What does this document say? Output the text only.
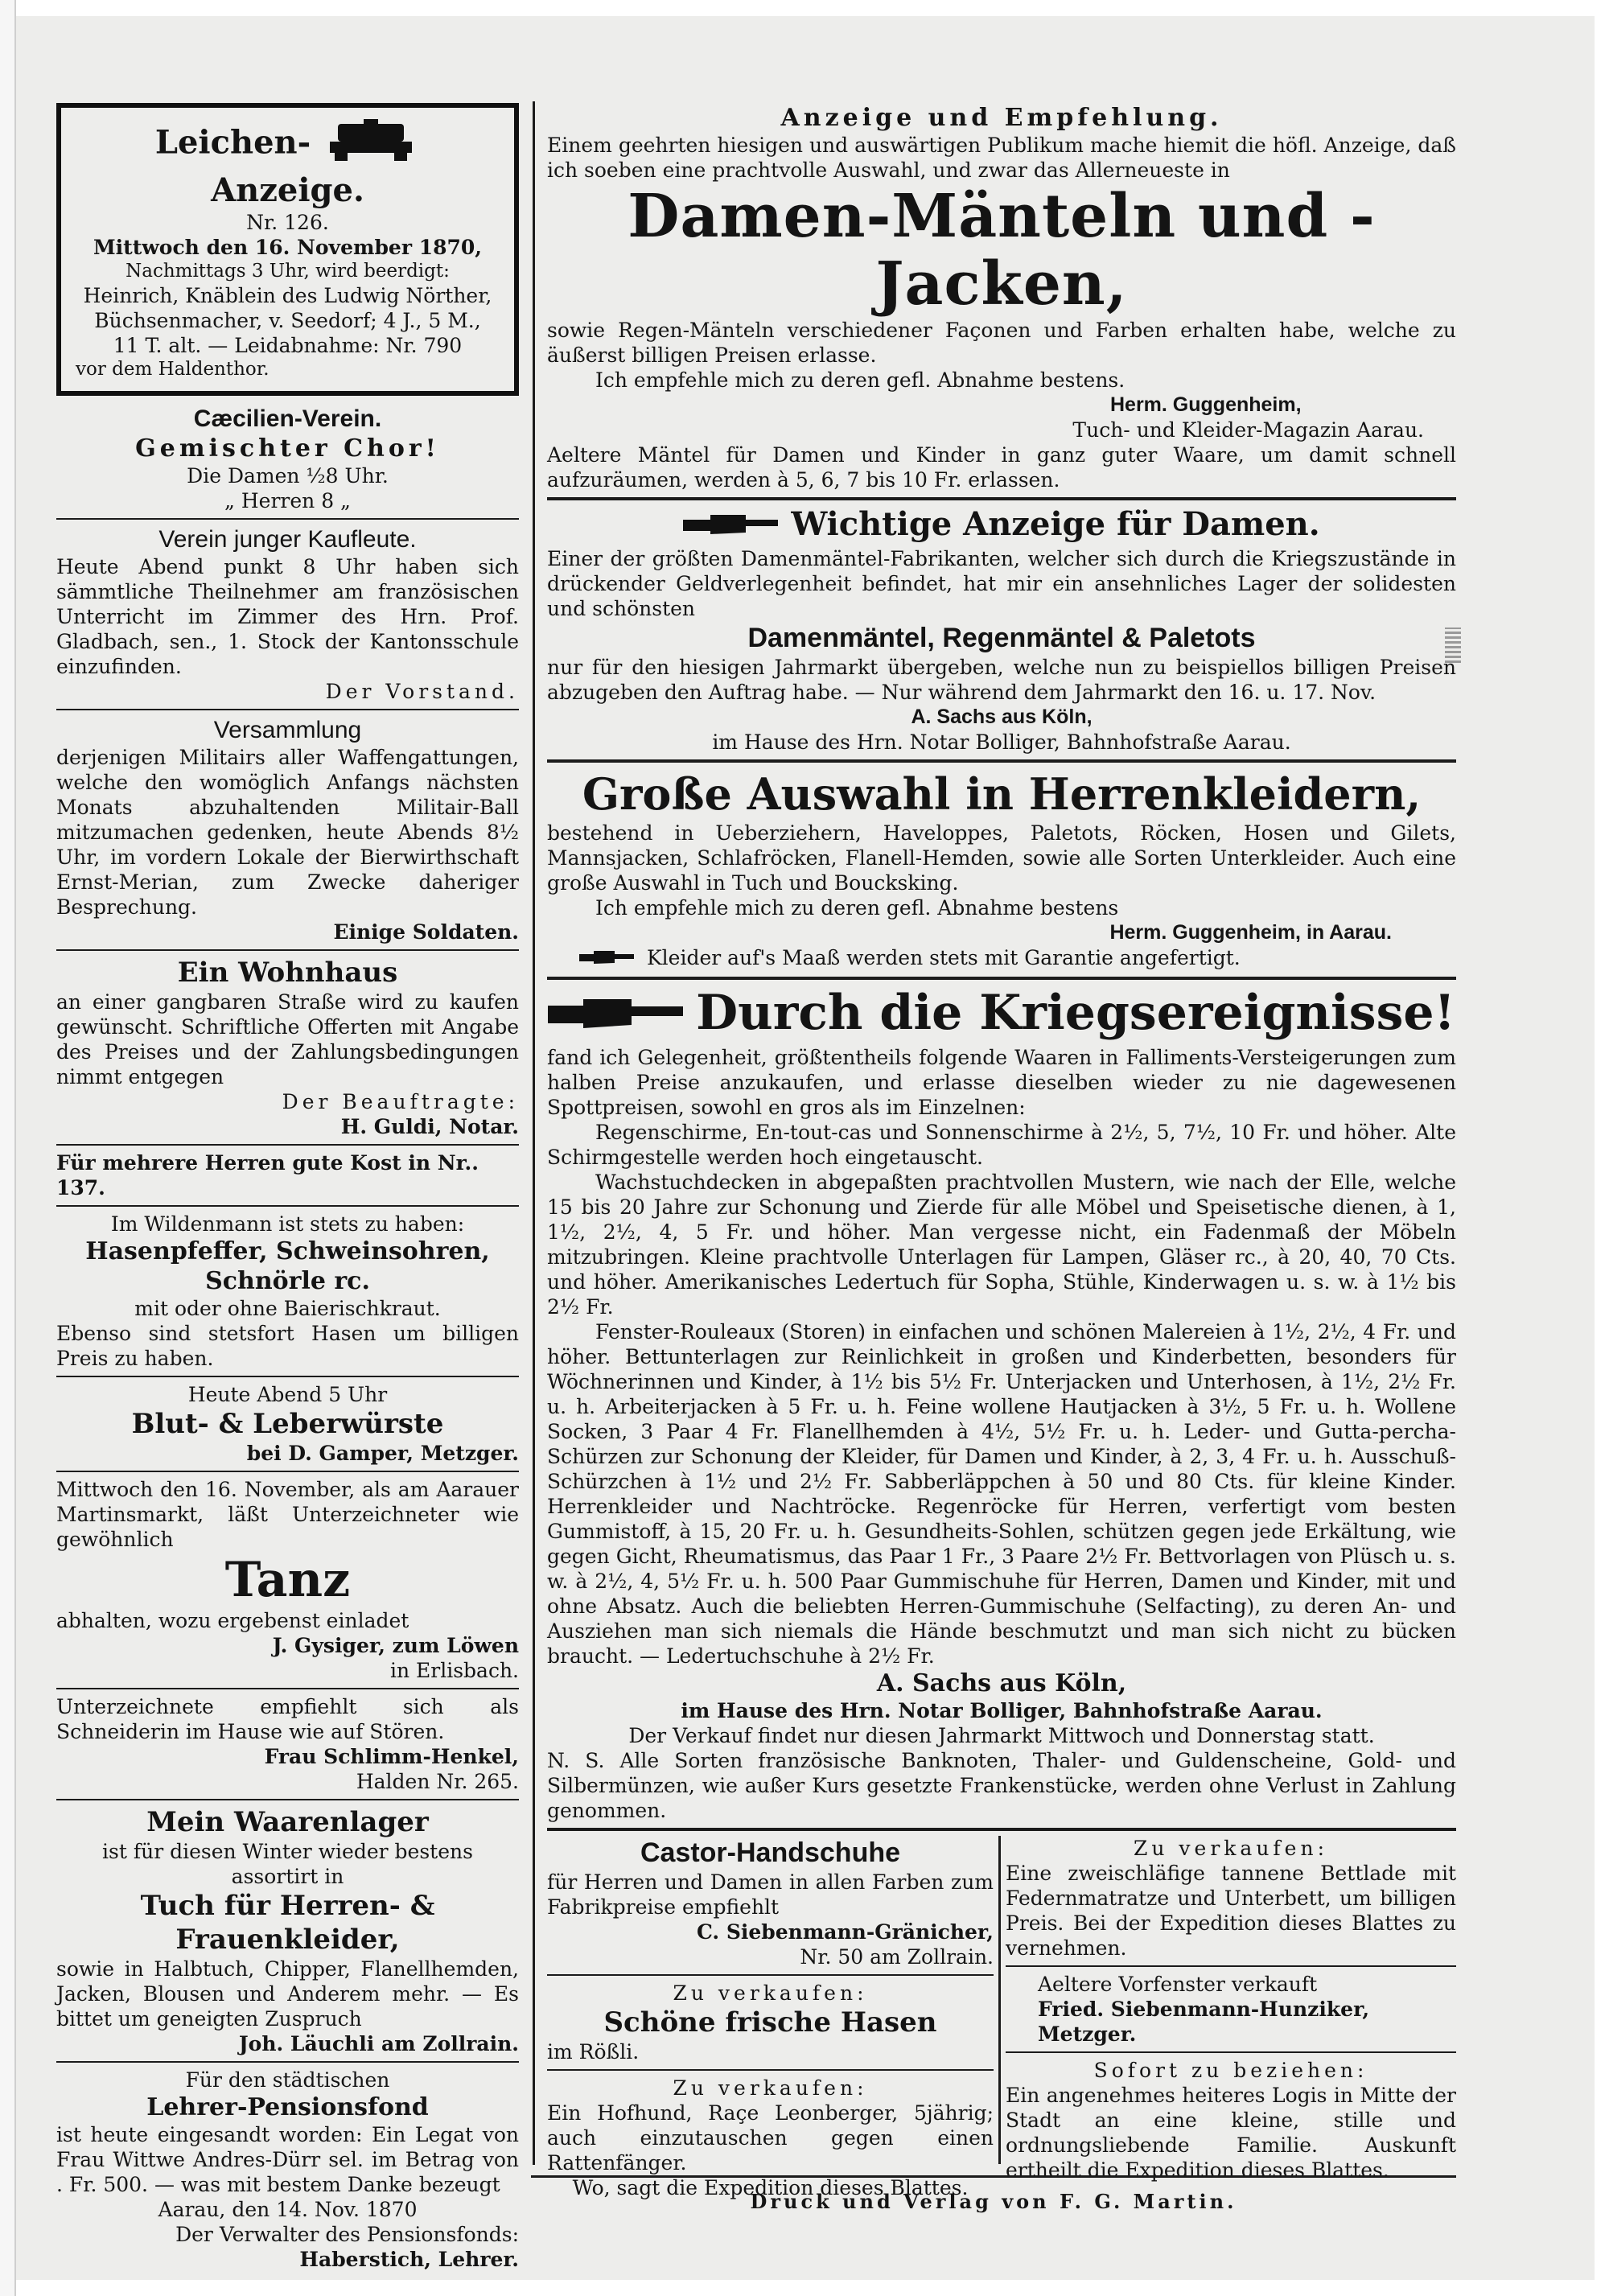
Leichen-  Anzeige.
Nr. 126.
Mittwoch den 16. November 1870,
Nachmittags 3 Uhr, wird beerdigt:
Heinrich, Knäblein des Ludwig Nörther,
Büchsenmacher, v. Seedorf; 4 J., 5 M.,
11 T. alt. — Leidabnahme: Nr. 790
vor dem Haldenthor.
Cæcilien-Verein.
Gemischter Chor!
Die Damen ½8 Uhr.
„ Herren 8 „
Verein junger Kaufleute.
Heute Abend punkt 8 Uhr haben sich sämmtliche Theilnehmer am französischen Unterricht im Zimmer des Hrn. Prof. Gladbach, sen., 1. Stock der Kantonsschule einzufinden.
Der Vorstand.
Versammlung
derjenigen Militairs aller Waffengattungen, welche den womöglich Anfangs nächsten Monats abzuhaltenden Militair-Ball mitzumachen gedenken, heute Abends 8½ Uhr, im vordern Lokale der Bierwirthschaft Ernst-Merian, zum Zwecke daheriger Besprechung.
Einige Soldaten.
Ein Wohnhaus
an einer gangbaren Straße wird zu kaufen gewünscht. Schriftliche Offerten mit Angabe des Preises und der Zahlungsbedingungen nimmt entgegen
Der Beauftragte:
H. Guldi, Notar.
Für mehrere Herren gute Kost in Nr.. 137.
Im Wildenmann ist stets zu haben:
Hasenpfeffer, Schweinsohren, Schnörle rc.
mit oder ohne Baierischkraut.
Ebenso sind stetsfort Hasen um billigen Preis zu haben.
Heute Abend 5 Uhr
Blut- & Leberwürste
bei D. Gamper, Metzger.
Mittwoch den 16. November, als am Aarauer Martinsmarkt, läßt Unterzeichneter wie gewöhnlich
Tanz
abhalten, wozu ergebenst einladet
J. Gysiger, zum Löwen
in Erlisbach.
Unterzeichnete empfiehlt sich als Schneiderin im Hause wie auf Stören.
Frau Schlimm-Henkel,
Halden Nr. 265.
Mein Waarenlager
ist für diesen Winter wieder bestens assortirt in
Tuch für Herren- & Frauenkleider,
sowie in Halbtuch, Chipper, Flanellhemden, Jacken, Blousen und Anderem mehr. — Es bittet um geneigten Zuspruch
Joh. Läuchli am Zollrain.
Für den städtischen
Lehrer-Pensionsfond
ist heute eingesandt worden: Ein Legat von Frau Wittwe Andres-Dürr sel. im Betrag von . Fr. 500. — was mit bestem Danke bezeugt
Aarau, den 14. Nov. 1870
Der Verwalter des Pensionsfonds:
Haberstich, Lehrer.
Anzeige und Empfehlung.
Einem geehrten hiesigen und auswärtigen Publikum mache hiemit die höfl. Anzeige, daß ich soeben eine prachtvolle Auswahl, und zwar das Allerneueste in
Damen-Mänteln und -Jacken,
sowie Regen-Mänteln verschiedener Façonen und Farben erhalten habe, welche zu äußerst billigen Preisen erlasse.
Ich empfehle mich zu deren gefl. Abnahme bestens.
Herm. Guggenheim,
Tuch- und Kleider-Magazin Aarau.
Aeltere Mäntel für Damen und Kinder in ganz guter Waare, um damit schnell aufzuräumen, werden à 5, 6, 7 bis 10 Fr. erlassen.
Wichtige Anzeige für Damen.
Einer der größten Damenmäntel-Fabrikanten, welcher sich durch die Kriegszustände in drückender Geldverlegenheit befindet, hat mir ein ansehnliches Lager der solidesten und schönsten
Damenmäntel, Regenmäntel & Paletots
nur für den hiesigen Jahrmarkt übergeben, welche nun zu beispiellos billigen Preisen abzugeben den Auftrag habe. — Nur während dem Jahrmarkt den 16. u. 17. Nov.
A. Sachs aus Köln,
im Hause des Hrn. Notar Bolliger, Bahnhofstraße Aarau.
Große Auswahl in Herrenkleidern,
bestehend in Ueberziehern, Haveloppes, Paletots, Röcken, Hosen und Gilets, Mannsjacken, Schlafröcken, Flanell-Hemden, sowie alle Sorten Unterkleider. Auch eine große Auswahl in Tuch und Boucksking.
Ich empfehle mich zu deren gefl. Abnahme bestens
Herm. Guggenheim, in Aarau.
Kleider auf's Maaß werden stets mit Garantie angefertigt.
Durch die Kriegsereignisse!
fand ich Gelegenheit, größtentheils folgende Waaren in Falliments-Versteigerungen zum halben Preise anzukaufen, und erlasse dieselben wieder zu nie dagewesenen Spottpreisen, sowohl en gros als im Einzelnen:
Regenschirme, En-tout-cas und Sonnenschirme à 2½, 5, 7½, 10 Fr. und höher. Alte Schirmgestelle werden hoch eingetauscht.
Wachstuchdecken in abgepaßten prachtvollen Mustern, wie nach der Elle, welche 15 bis 20 Jahre zur Schonung und Zierde für alle Möbel und Speisetische dienen, à 1, 1½, 2½, 4, 5 Fr. und höher. Man vergesse nicht, ein Fadenmaß der Möbeln mitzubringen. Kleine prachtvolle Unterlagen für Lampen, Gläser rc., à 20, 40, 70 Cts. und höher. Amerikanisches Ledertuch für Sopha, Stühle, Kinderwagen u. s. w. à 1½ bis 2½ Fr.
Fenster-Rouleaux (Storen) in einfachen und schönen Malereien à 1½, 2½, 4 Fr. und höher. Bettunterlagen zur Reinlichkeit in großen und Kinderbetten, besonders für Wöchnerinnen und Kinder, à 1½ bis 5½ Fr. Unterjacken und Unterhosen, à 1½, 2½ Fr. u. h. Arbeiterjacken à 5 Fr. u. h. Feine wollene Hautjacken à 3½, 5 Fr. u. h. Wollene Socken, 3 Paar 4 Fr. Flanellhemden à 4½, 5½ Fr. u. h. Leder- und Gutta-percha-Schürzen zur Schonung der Kleider, für Damen und Kinder, à 2, 3, 4 Fr. u. h. Ausschuß-Schürzchen à 1½ und 2½ Fr. Sabberläppchen à 50 und 80 Cts. für kleine Kinder. Herrenkleider und Nachtröcke. Regenröcke für Herren, verfertigt vom besten Gummistoff, à 15, 20 Fr. u. h. Gesundheits-Sohlen, schützen gegen jede Erkältung, wie gegen Gicht, Rheumatismus, das Paar 1 Fr., 3 Paare 2½ Fr. Bettvorlagen von Plüsch u. s. w. à 2½, 4, 5½ Fr. u. h. 500 Paar Gummischuhe für Herren, Damen und Kinder, mit und ohne Absatz. Auch die beliebten Herren-Gummischuhe (Selfacting), zu deren An- und Ausziehen man sich niemals die Hände beschmutzt und man sich nicht zu bücken braucht. — Ledertuchschuhe à 2½ Fr.
A. Sachs aus Köln,
im Hause des Hrn. Notar Bolliger, Bahnhofstraße Aarau.
Der Verkauf findet nur diesen Jahrmarkt Mittwoch und Donnerstag statt.
N. S. Alle Sorten französische Banknoten, Thaler- und Guldenscheine, Gold- und Silbermünzen, wie außer Kurs gesetzte Frankenstücke, werden ohne Verlust in Zahlung genommen.
Castor-Handschuhe
für Herren und Damen in allen Farben zum Fabrikpreise empfiehlt
C. Siebenmann-Gränicher,
Nr. 50 am Zollrain.
Zu verkaufen:
Schöne frische Hasen
im Rößli.
Zu verkaufen:
Ein Hofhund, Raçe Leonberger, 5jährig; auch einzutauschen gegen einen Rattenfänger.
Wo, sagt die Expedition dieses Blattes.
Zu verkaufen:
Eine zweischläfige tannene Bettlade mit Federnmatratze und Unterbett, um billigen Preis. Bei der Expedition dieses Blattes zu vernehmen.
Aeltere Vorfenster verkauft
Fried. Siebenmann-Hunziker, Metzger.
Sofort zu beziehen:
Ein angenehmes heiteres Logis in Mitte der Stadt an eine kleine, stille und ordnungsliebende Familie. Auskunft ertheilt die Expedition dieses Blattes.
Druck und Verlag von F. G. Martin.
